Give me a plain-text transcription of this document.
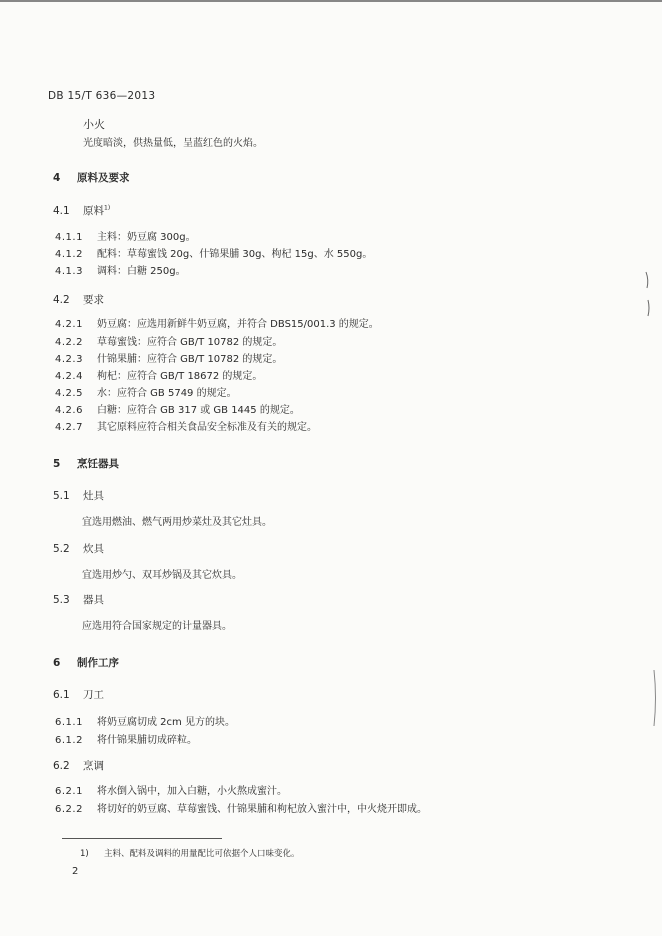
DB 15/T 636—2013
小火
光度暗淡，供热量低，呈蓝红色的火焰。
4 原料及要求
4.1 原料$^{1)}$
4.1.1 主料：奶豆腐 300g。
4.1.2 配料：草莓蜜饯 20g、什锦果脯 30g、枸杞 15g、水 550g。
4.1.3 调料：白糖 250g。
4.2 要求
4.2.1 奶豆腐：应选用新鲜牛奶豆腐，并符合 DBS15/001.3 的规定。
4.2.2 草莓蜜饯：应符合 GB/T 10782 的规定。
4.2.3 什锦果脯：应符合 GB/T 10782 的规定。
4.2.4 枸杞：应符合 GB/T 18672 的规定。
4.2.5 水：应符合 GB 5749 的规定。
4.2.6 白糖：应符合 GB 317 或 GB 1445 的规定。
4.2.7 其它原料应符合相关食品安全标准及有关的规定。
5 烹饪器具
5.1 灶具
宜选用燃油、燃气两用炒菜灶及其它灶具。
5.2 炊具
宜选用炒勺、双耳炒锅及其它炊具。
5.3 器具
应选用符合国家规定的计量器具。
6 制作工序
6.1 刀工
6.1.1 将奶豆腐切成 2cm 见方的块。
6.1.2 将什锦果脯切成碎粒。
6.2 烹调
6.2.1 将水倒入锅中，加入白糖，小火熬成蜜汁。
6.2.2 将切好的奶豆腐、草莓蜜饯、什锦果脯和枸杞放入蜜汁中，中火烧开即成。
1) 主料、配料及调料的用量配比可依据个人口味变化。
2
